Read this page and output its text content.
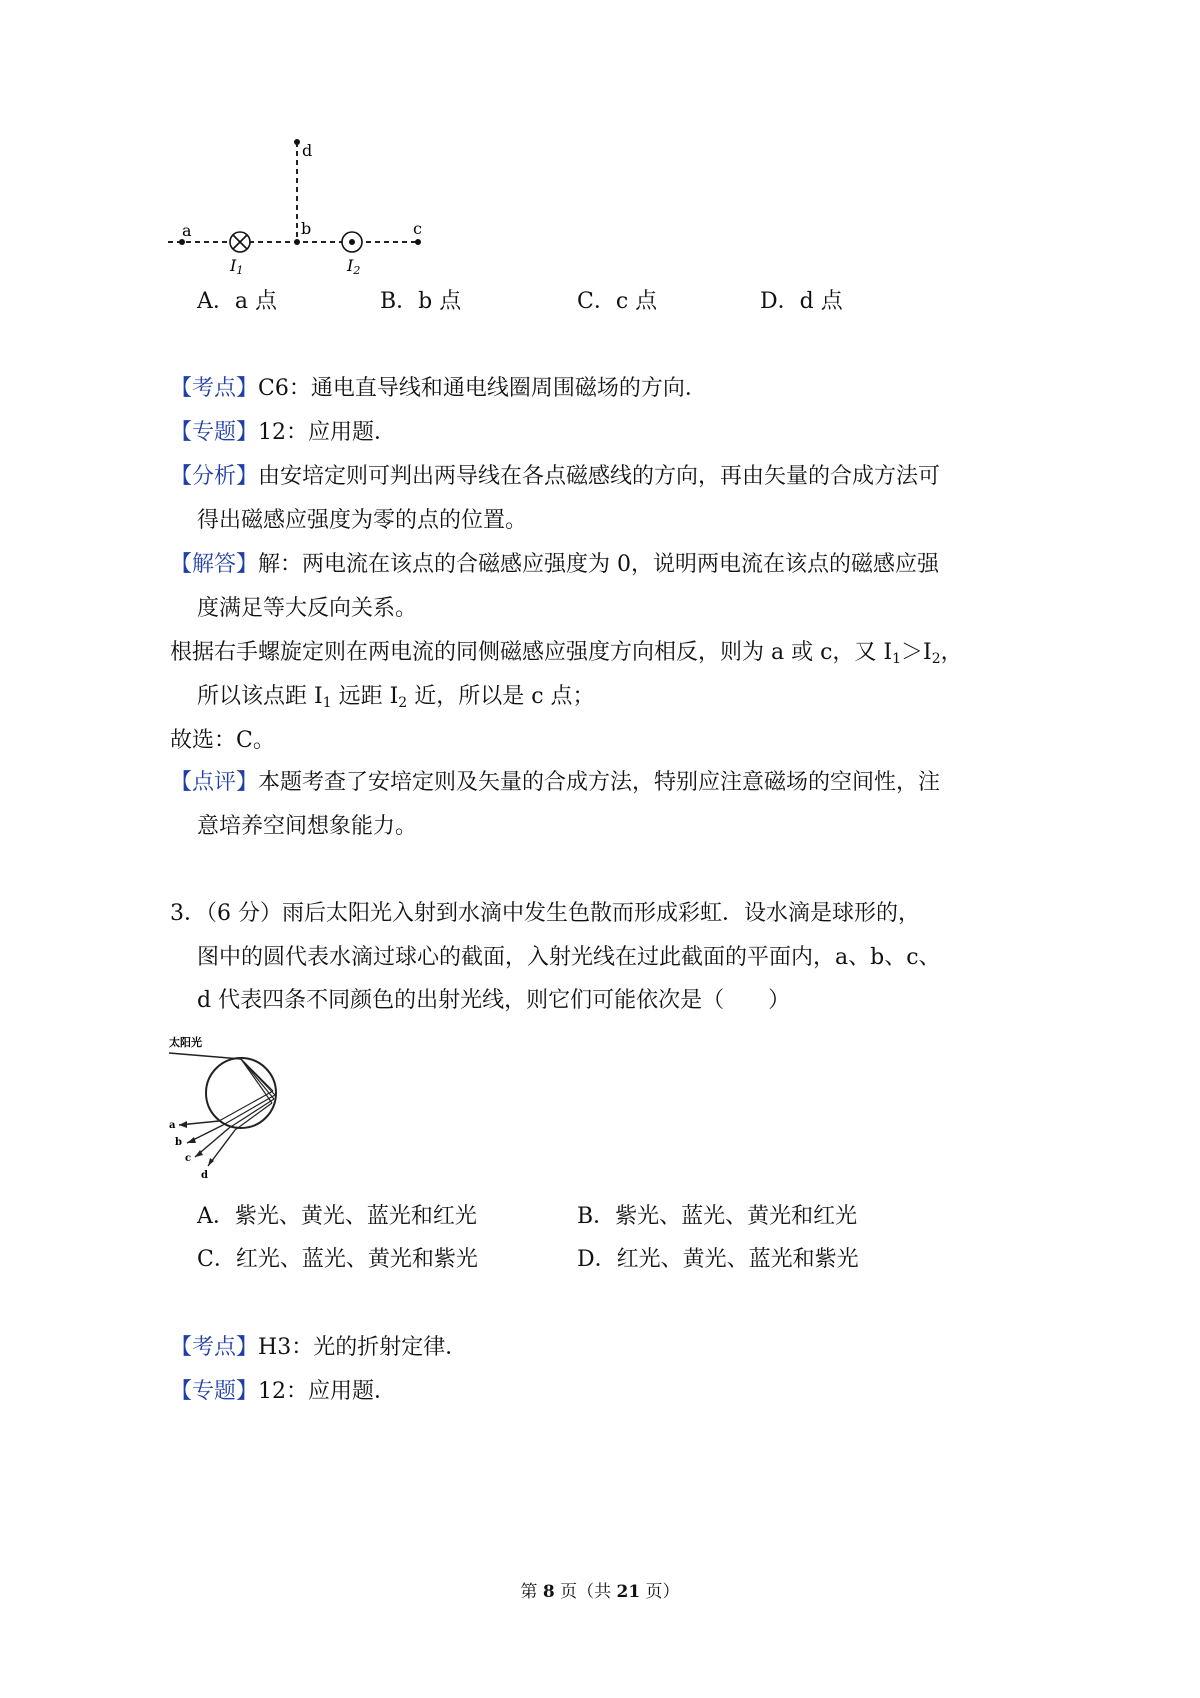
a	b	c
d
I1	I2
A．a 点	B．b 点	C．c 点	D．d 点
【考点】C6：通电直导线和通电线圈周围磁场的方向．
【专题】12：应用题．
【分析】由安培定则可判出两导线在各点磁感线的方向，再由矢量的合成方法可
得出磁感应强度为零的点的位置。
【解答】解：两电流在该点的合磁感应强度为 0，说明两电流在该点的磁感应强
度满足等大反向关系。
根据右手螺旋定则在两电流的同侧磁感应强度方向相反，则为 a 或 c，又 $I_1>I_2$，
所以该点距 $I_1$ 远距 $I_2$ 近，所以是 c 点；
故选：C。
【点评】本题考查了安培定则及矢量的合成方法，特别应注意磁场的空间性，注
意培养空间想象能力。
3．（6 分）雨后太阳光入射到水滴中发生色散而形成彩虹．设水滴是球形的，
图中的圆代表水滴过球心的截面，入射光线在过此截面的平面内，a、b、c、
d 代表四条不同颜色的出射光线，则它们可能依次是（　　）
太阳光
a
b
c
d
A．紫光、黄光、蓝光和红光	B．紫光、蓝光、黄光和红光
C．红光、蓝光、黄光和紫光	D．红光、黄光、蓝光和紫光
【考点】H3：光的折射定律．
【专题】12：应用题．
第 8 页（共 21 页）
